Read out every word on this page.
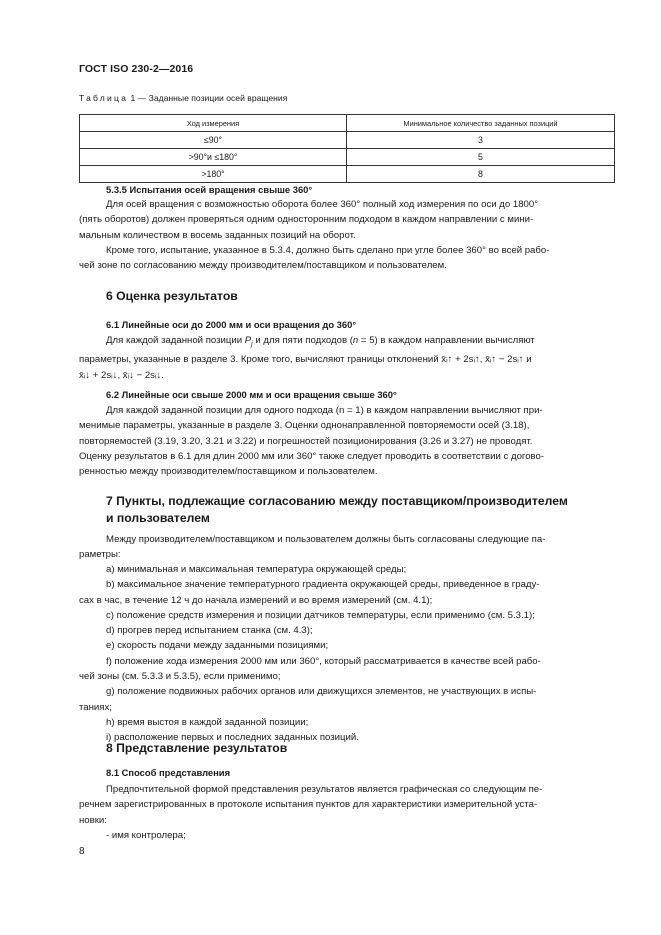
ГОСТ ISO 230-2—2016
Таблица 1 — Заданные позиции осей вращения
Ход измерения	Минимальное количество заданных позиций
≤90°	3
>90°и ≤180°	5
>180°	8
5.3.5 Испытания осей вращения свыше 360°
Для осей вращения с возможностью оборота более 360° полный ход измерения по оси до 1800°
(пять оборотов) должен проверяться одним односторонним подходом в каждом направлении с мини-
мальным количеством в восемь заданных позиций на оборот.
Кроме того, испытание, указанное в 5.3.4, должно быть сделано при угле более 360° во всей рабо-
чей зоне по согласованию между производителем/поставщиком и пользователем.
6 Оценка результатов
6.1 Линейные оси до 2000 мм и оси вращения до 360°
Для каждой заданной позиции $P_j$ и для пяти подходов (n = 5) в каждом направлении вычисляют
параметры, указанные в разделе 3. Кроме того, вычисляют границы отклонений x̄ᵢ↑ + 2sᵢ↑, x̄ᵢ↑ − 2sᵢ↑ и
x̄ᵢ↓ + 2sᵢ↓, x̄ᵢ↓ − 2sᵢ↓.
6.2 Линейные оси свыше 2000 мм и оси вращения свыше 360°
Для каждой заданной позиции для одного подхода (n = 1) в каждом направлении вычисляют при-
менимые параметры, указанные в разделе 3. Оценки однонаправленной повторяемости осей (3.18),
повторяемостей (3.19, 3.20, 3.21 и 3.22) и погрешностей позиционирования (3.26 и 3.27) не проводят.
Оценку результатов в 6.1 для длин 2000 мм или 360° также следует проводить в соответствии с догово-
ренностью между производителем/поставщиком и пользователем.
7 Пункты, подлежащие согласованию между поставщиком/производителем
и пользователем
Между производителем/поставщиком и пользователем должны быть согласованы следующие па-
раметры:
а) минимальная и максимальная температура окружающей среды;
b) максимальное значение температурного градиента окружающей среды, приведенное в граду-
сах в час, в течение 12 ч до начала измерений и во время измерений (см. 4.1);
c) положение средств измерения и позиции датчиков температуры, если применимо (см. 5.3.1);
d) прогрев перед испытанием станка (см. 4.3);
e) скорость подачи между заданными позициями;
f) положение хода измерения 2000 мм или 360°, который рассматривается в качестве всей рабо-
чей зоны (см. 5.3.3 и 5.3.5), если применимо;
g) положение подвижных рабочих органов или движущихся элементов, не участвующих в испы-
таниях;
h) время выстоя в каждой заданной позиции;
i) расположение первых и последних заданных позиций.
8 Представление результатов
8.1 Способ представления
Предпочтительной формой представления результатов является графическая со следующим пе-
речнем зарегистрированных в протоколе испытания пунктов для характеристики измерительной уста-
новки:
- имя контролера;
8
